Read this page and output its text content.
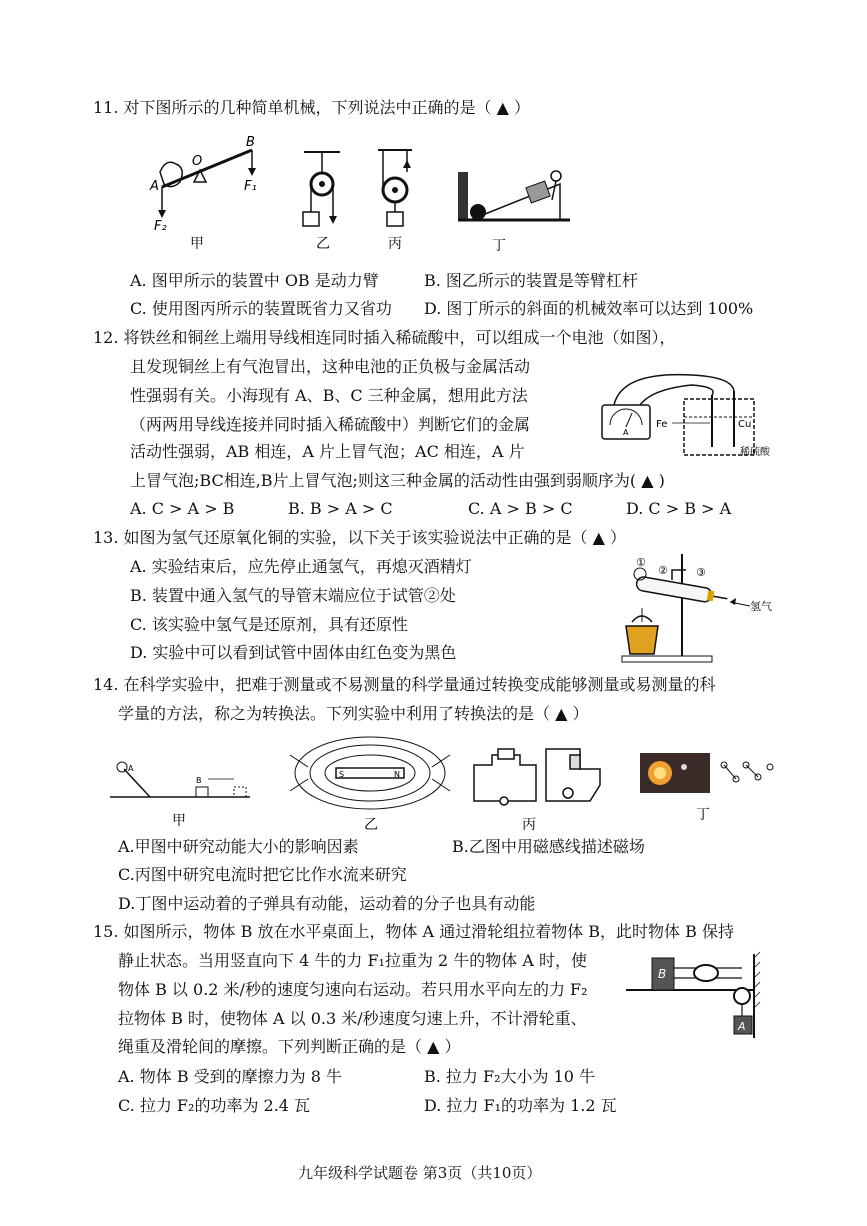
11. 对下图所示的几种简单机械，下列说法中正确的是（ ▲ ）
A
O
B
F₁
F₂
甲	乙	丙	丁
A. 图甲所示的装置中 OB 是动力臂	B. 图乙所示的装置是等臂杠杆
C. 使用图丙所示的装置既省力又省功 D. 图丁所示的斜面的机械效率可以达到 100%
12. 将铁丝和铜丝上端用导线相连同时插入稀硫酸中，可以组成一个电池（如图），
且发现铜丝上有气泡冒出，这种电池的正负极与金属活动
性强弱有关。小海现有 A、B、C 三种金属，想用此方法
（两两用导线连接并同时插入稀硫酸中）判断它们的金属
活动性强弱，AB 相连，A 片上冒气泡；AC 相连，A 片
上冒气泡;BC相连,B片上冒气泡;则这三种金属的活动性由强到弱顺序为( ▲ )
A
Fe	Cu
稀硫酸
A. C > A > B	B. B > A > C	C. A > B > C	D. C > B > A
13. 如图为氢气还原氧化铜的实验，以下关于该实验说法中正确的是（ ▲ ）
A. 实验结束后，应先停止通氢气，再熄灭酒精灯
B. 装置中通入氢气的导管末端应位于试管②处
C. 该实验中氢气是还原剂，具有还原性
D. 实验中可以看到试管中固体由红色变为黑色
①
②	③
氢气
14. 在科学实验中，把难于测量或不易测量的科学量通过转换变成能够测量或易测量的科
学量的方法，称之为转换法。下列实验中利用了转换法的是（ ▲ ）
A
B
甲
S	N
乙	丙
丁
A.甲图中研究动能大小的影响因素	B.乙图中用磁感线描述磁场
C.丙图中研究电流时把它比作水流来研究
D.丁图中运动着的子弹具有动能，运动着的分子也具有动能
15. 如图所示，物体 B 放在水平桌面上，物体 A 通过滑轮组拉着物体 B，此时物体 B 保持
静止状态。当用竖直向下 4 牛的力 F₁拉重为 2 牛的物体 A 时，使
物体 B 以 0.2 米/秒的速度匀速向右运动。若只用水平向左的力 F₂
拉物体 B 时，使物体 A 以 0.3 米/秒速度匀速上升，不计滑轮重、
绳重及滑轮间的摩擦。下列判断正确的是（ ▲ ）
B
A
A. 物体 B 受到的摩擦力为 8 牛	B. 拉力 F₂大小为 10 牛
C. 拉力 F₂的功率为 2.4 瓦	D. 拉力 F₁的功率为 1.2 瓦
九年级科学试题卷 第3页（共10页）
